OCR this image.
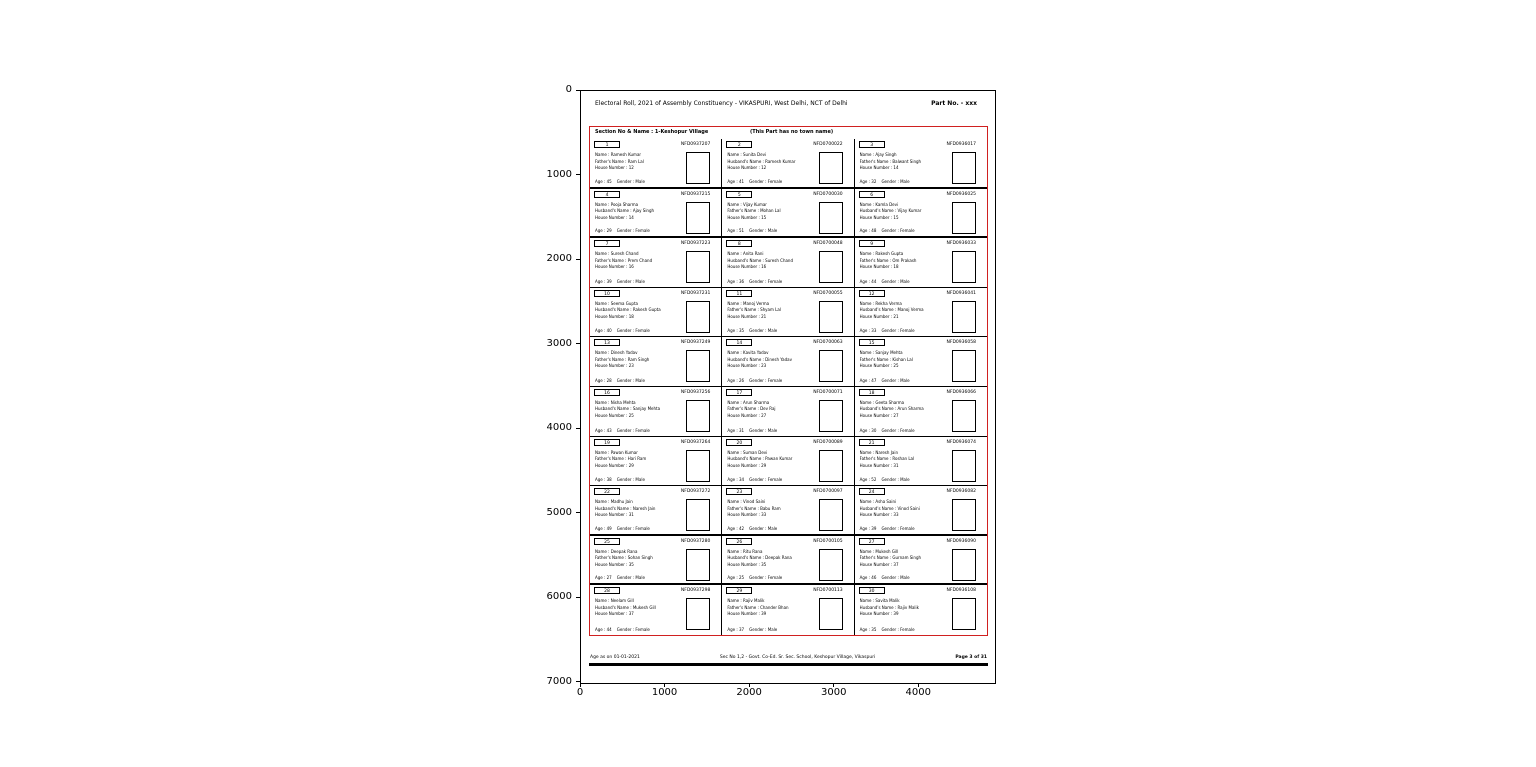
Electoral Roll, 2021 of Assembly Constituency - VIKASPURI, West Delhi, NCT of Delhi	Part No. - xxx
Section No & Name : 1-Keshopur Village	(This Part has no town name)
1	NFD0937207
Name : Ramesh Kumar
Father's Name : Ram Lal
House Number : 12
Age : 45    Gender : Male
2	NFD0700022
Name : Sunita Devi
Husband's Name : Ramesh Kumar
House Number : 12
Age : 41    Gender : Female
3	NFD0936017
Name : Ajay Singh
Father's Name : Balwant Singh
House Number : 14
Age : 32    Gender : Male
4	NFD0937215
Name : Pooja Sharma
Husband's Name : Ajay Singh
House Number : 14
Age : 29    Gender : Female
5	NFD0700030
Name : Vijay Kumar
Father's Name : Mohan Lal
House Number : 15
Age : 51    Gender : Male
6	NFD0936025
Name : Kamla Devi
Husband's Name : Vijay Kumar
House Number : 15
Age : 48    Gender : Female
7	NFD0937223
Name : Suresh Chand
Father's Name : Prem Chand
House Number : 16
Age : 39    Gender : Male
8	NFD0700048
Name : Anita Rani
Husband's Name : Suresh Chand
House Number : 16
Age : 36    Gender : Female
9	NFD0936033
Name : Rakesh Gupta
Father's Name : Om Prakash
House Number : 18
Age : 44    Gender : Male
10	NFD0937231
Name : Seema Gupta
Husband's Name : Rakesh Gupta
House Number : 18
Age : 40    Gender : Female
11	NFD0700055
Name : Manoj Verma
Father's Name : Shyam Lal
House Number : 21
Age : 35    Gender : Male
12	NFD0936041
Name : Rekha Verma
Husband's Name : Manoj Verma
House Number : 21
Age : 33    Gender : Female
13	NFD0937249
Name : Dinesh Yadav
Father's Name : Ram Singh
House Number : 23
Age : 28    Gender : Male
14	NFD0700063
Name : Kavita Yadav
Husband's Name : Dinesh Yadav
House Number : 23
Age : 26    Gender : Female
15	NFD0936058
Name : Sanjay Mehta
Father's Name : Kishan Lal
House Number : 25
Age : 47    Gender : Male
16	NFD0937256
Name : Nisha Mehta
Husband's Name : Sanjay Mehta
House Number : 25
Age : 43    Gender : Female
17	NFD0700071
Name : Arun Sharma
Father's Name : Dev Raj
House Number : 27
Age : 31    Gender : Male
18	NFD0936066
Name : Geeta Sharma
Husband's Name : Arun Sharma
House Number : 27
Age : 30    Gender : Female
19	NFD0937264
Name : Pawan Kumar
Father's Name : Hari Ram
House Number : 29
Age : 38    Gender : Male
20	NFD0700089
Name : Suman Devi
Husband's Name : Pawan Kumar
House Number : 29
Age : 34    Gender : Female
21	NFD0936074
Name : Naresh Jain
Father's Name : Roshan Lal
House Number : 31
Age : 52    Gender : Male
22	NFD0937272
Name : Madhu Jain
Husband's Name : Naresh Jain
House Number : 31
Age : 49    Gender : Female
23	NFD0700097
Name : Vinod Saini
Father's Name : Babu Ram
House Number : 33
Age : 42    Gender : Male
24	NFD0936082
Name : Asha Saini
Husband's Name : Vinod Saini
House Number : 33
Age : 39    Gender : Female
25	NFD0937280
Name : Deepak Rana
Father's Name : Sohan Singh
House Number : 35
Age : 27    Gender : Male
26	NFD0700105
Name : Ritu Rana
Husband's Name : Deepak Rana
House Number : 35
Age : 25    Gender : Female
27	NFD0936090
Name : Mukesh Gill
Father's Name : Gurnam Singh
House Number : 37
Age : 46    Gender : Male
28	NFD0937298
Name : Neelam Gill
Husband's Name : Mukesh Gill
House Number : 37
Age : 44    Gender : Female
29	NFD0700113
Name : Rajiv Malik
Father's Name : Chander Bhan
House Number : 39
Age : 37    Gender : Male
30	NFD0936108
Name : Savita Malik
Husband's Name : Rajiv Malik
House Number : 39
Age : 35    Gender : Female
Age as on 01-01-2021	Sec No 1,2 - Govt. Co-Ed. Sr. Sec. School, Keshopur Village, Vikaspuri	Page 3 of 31
0
1000
2000
3000
4000
5000
6000
7000
0	1000	2000	3000	4000
